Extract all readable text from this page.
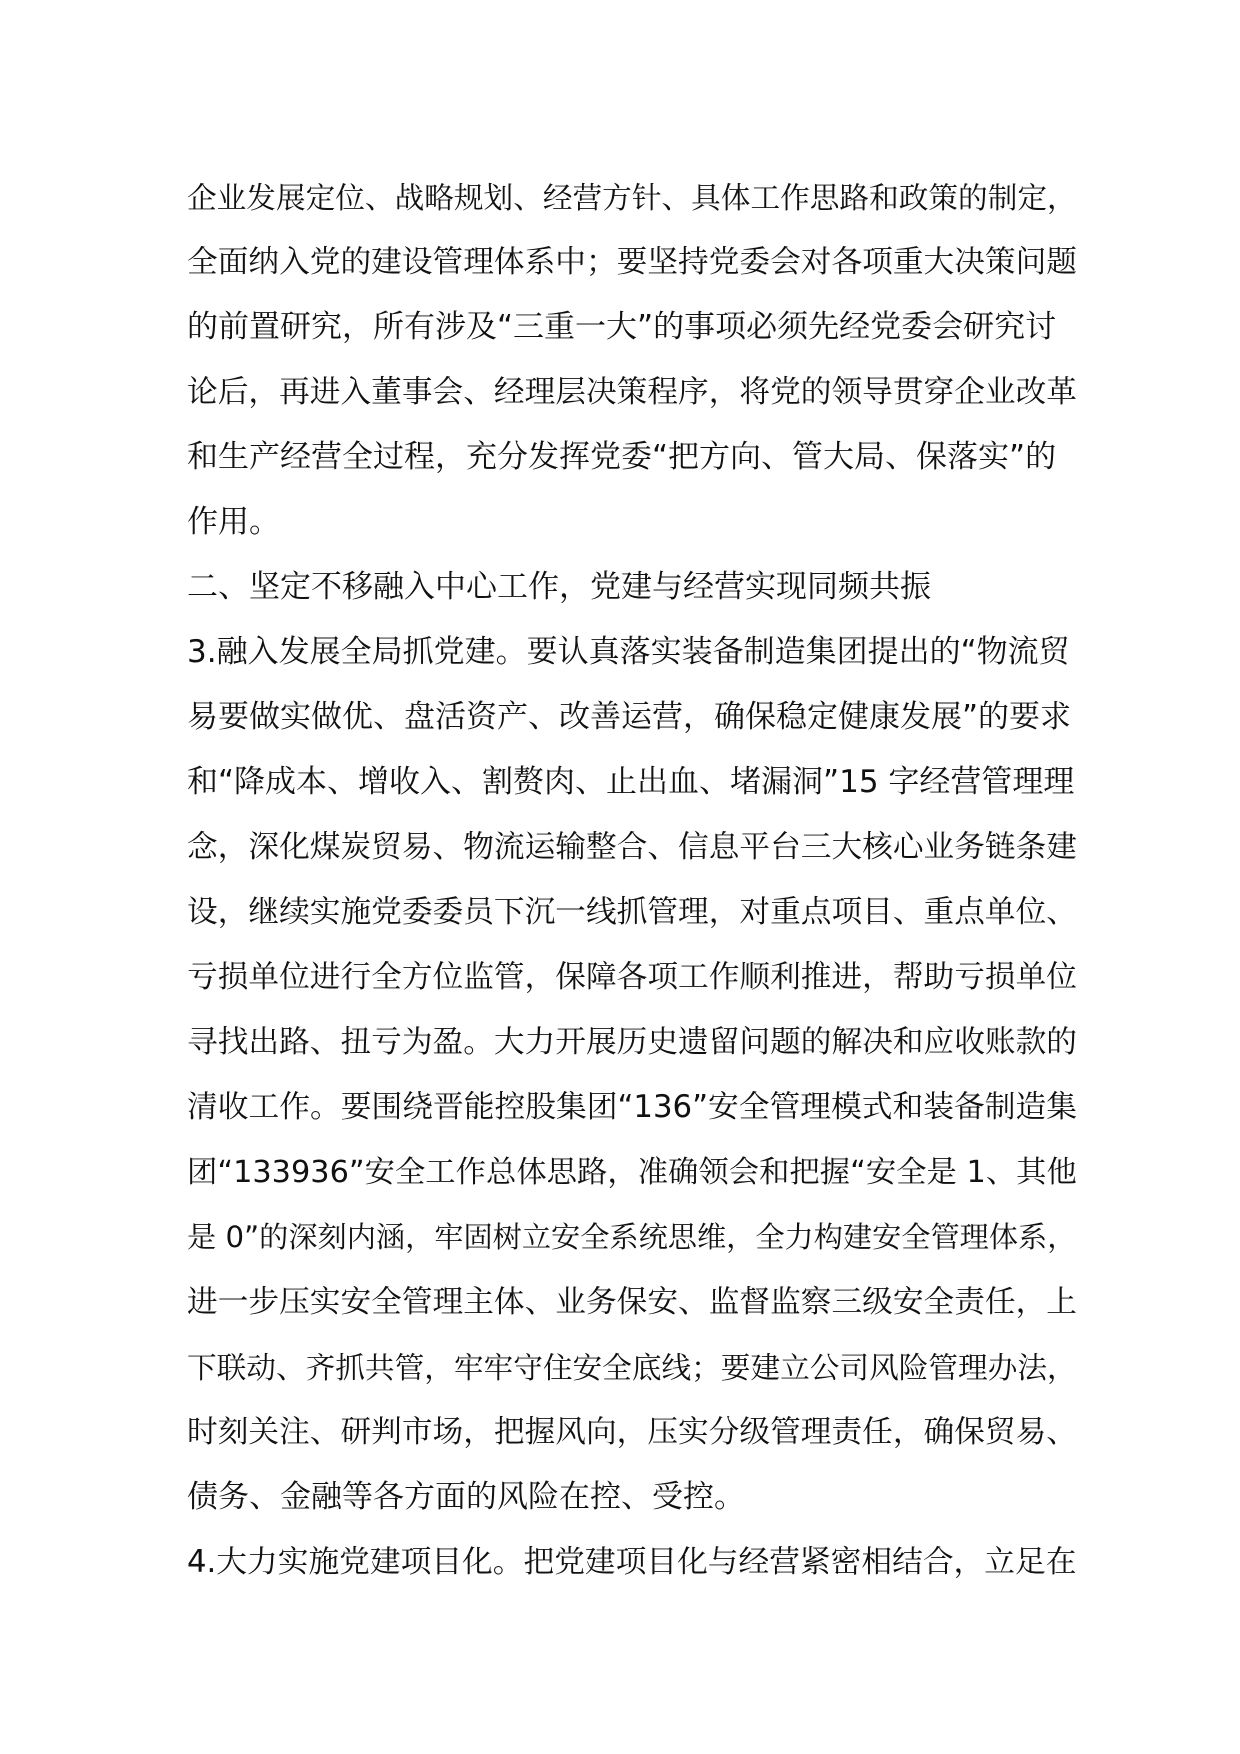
企业发展定位、战略规划、经营方针、具体工作思路和政策的制定，
全面纳入党的建设管理体系中；要坚持党委会对各项重大决策问题
的前置研究，所有涉及“三重一大”的事项必须先经党委会研究讨
论后，再进入董事会、经理层决策程序，将党的领导贯穿企业改革
和生产经营全过程，充分发挥党委“把方向、管大局、保落实”的
作用。
二、坚定不移融入中心工作，党建与经营实现同频共振
3.融入发展全局抓党建。要认真落实装备制造集团提出的“物流贸
易要做实做优、盘活资产、改善运营，确保稳定健康发展”的要求
和“降成本、增收入、割赘肉、止出血、堵漏洞”15 字经营管理理
念，深化煤炭贸易、物流运输整合、信息平台三大核心业务链条建
设，继续实施党委委员下沉一线抓管理，对重点项目、重点单位、
亏损单位进行全方位监管，保障各项工作顺利推进，帮助亏损单位
寻找出路、扭亏为盈。大力开展历史遗留问题的解决和应收账款的
清收工作。要围绕晋能控股集团“136”安全管理模式和装备制造集
团“133936”安全工作总体思路，准确领会和把握“安全是 1、其他
是 0”的深刻内涵，牢固树立安全系统思维，全力构建安全管理体系，
进一步压实安全管理主体、业务保安、监督监察三级安全责任，上
下联动、齐抓共管，牢牢守住安全底线；要建立公司风险管理办法，
时刻关注、研判市场，把握风向，压实分级管理责任，确保贸易、
债务、金融等各方面的风险在控、受控。
4.大力实施党建项目化。把党建项目化与经营紧密相结合，立足在
